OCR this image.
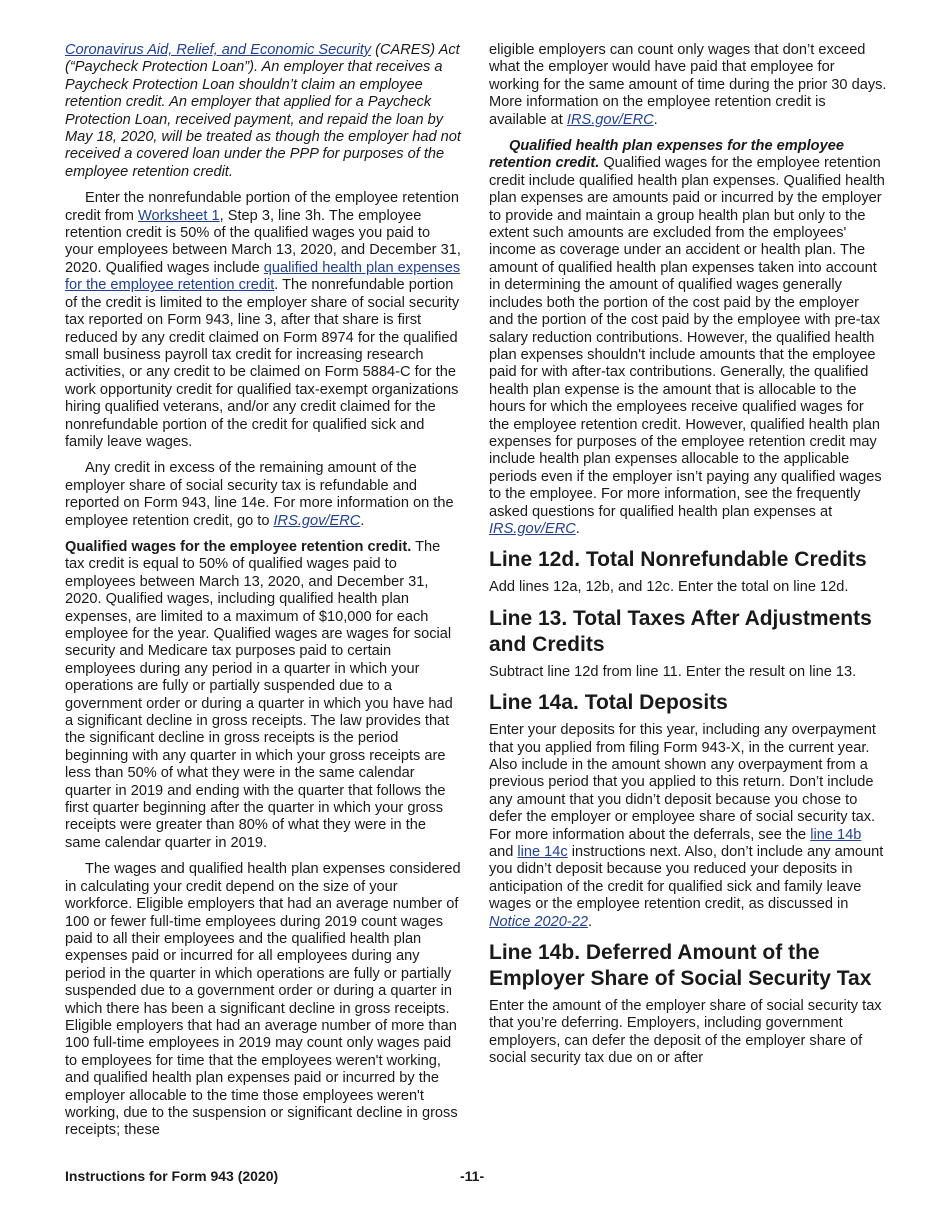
Coronavirus Aid, Relief, and Economic Security (CARES) Act (“Paycheck Protection Loan”). An employer that receives a Paycheck Protection Loan shouldn’t claim an employee retention credit. An employer that applied for a Paycheck Protection Loan, received payment, and repaid the loan by May 18, 2020, will be treated as though the employer had not received a covered loan under the PPP for purposes of the employee retention credit.

Enter the nonrefundable portion of the employee retention credit from Worksheet 1, Step 3, line 3h. The employee retention credit is 50% of the qualified wages you paid to your employees between March 13, 2020, and December 31, 2020. Qualified wages include qualified health plan expenses for the employee retention credit. The nonrefundable portion of the credit is limited to the employer share of social security tax reported on Form 943, line 3, after that share is first reduced by any credit claimed on Form 8974 for the qualified small business payroll tax credit for increasing research activities, or any credit to be claimed on Form 5884-C for the work opportunity credit for qualified tax-exempt organizations hiring qualified veterans, and/or any credit claimed for the nonrefundable portion of the credit for qualified sick and family leave wages.

Any credit in excess of the remaining amount of the employer share of social security tax is refundable and reported on Form 943, line 14e. For more information on the employee retention credit, go to IRS.gov/ERC.

Qualified wages for the employee retention credit. The tax credit is equal to 50% of qualified wages paid to employees between March 13, 2020, and December 31, 2020. Qualified wages, including qualified health plan expenses, are limited to a maximum of $10,000 for each employee for the year. Qualified wages are wages for social security and Medicare tax purposes paid to certain employees during any period in a quarter in which your operations are fully or partially suspended due to a government order or during a quarter in which you have had a significant decline in gross receipts. The law provides that the significant decline in gross receipts is the period beginning with any quarter in which your gross receipts are less than 50% of what they were in the same calendar quarter in 2019 and ending with the quarter that follows the first quarter beginning after the quarter in which your gross receipts were greater than 80% of what they were in the same calendar quarter in 2019.

The wages and qualified health plan expenses considered in calculating your credit depend on the size of your workforce. Eligible employers that had an average number of 100 or fewer full-time employees during 2019 count wages paid to all their employees and the qualified health plan expenses paid or incurred for all employees during any period in the quarter in which operations are fully or partially suspended due to a government order or during a quarter in which there has been a significant decline in gross receipts. Eligible employers that had an average number of more than 100 full-time employees in 2019 may count only wages paid to employees for time that the employees weren't working, and qualified health plan expenses paid or incurred by the employer allocable to the time those employees weren't working, due to the suspension or significant decline in gross receipts; these

eligible employers can count only wages that don’t exceed what the employer would have paid that employee for working for the same amount of time during the prior 30 days. More information on the employee retention credit is available at IRS.gov/ERC.

Qualified health plan expenses for the employee retention credit. Qualified wages for the employee retention credit include qualified health plan expenses. Qualified health plan expenses are amounts paid or incurred by the employer to provide and maintain a group health plan but only to the extent such amounts are excluded from the employees' income as coverage under an accident or health plan. The amount of qualified health plan expenses taken into account in determining the amount of qualified wages generally includes both the portion of the cost paid by the employer and the portion of the cost paid by the employee with pre-tax salary reduction contributions. However, the qualified health plan expenses shouldn't include amounts that the employee paid for with after-tax contributions. Generally, the qualified health plan expense is the amount that is allocable to the hours for which the employees receive qualified wages for the employee retention credit. However, qualified health plan expenses for purposes of the employee retention credit may include health plan expenses allocable to the applicable periods even if the employer isn’t paying any qualified wages to the employee. For more information, see the frequently asked questions for qualified health plan expenses at IRS.gov/ERC.

Line 12d. Total Nonrefundable Credits

Add lines 12a, 12b, and 12c. Enter the total on line 12d.

Line 13. Total Taxes After Adjustments and Credits

Subtract line 12d from line 11. Enter the result on line 13.

Line 14a. Total Deposits

Enter your deposits for this year, including any overpayment that you applied from filing Form 943-X, in the current year. Also include in the amount shown any overpayment from a previous period that you applied to this return. Don’t include any amount that you didn’t deposit because you chose to defer the employer or employee share of social security tax. For more information about the deferrals, see the line 14b and line 14c instructions next. Also, don’t include any amount you didn’t deposit because you reduced your deposits in anticipation of the credit for qualified sick and family leave wages or the employee retention credit, as discussed in Notice 2020-22.

Line 14b. Deferred Amount of the Employer Share of Social Security Tax

Enter the amount of the employer share of social security tax that you’re deferring. Employers, including government employers, can defer the deposit of the employer share of social security tax due on or after

Instructions for Form 943 (2020)	-11-
